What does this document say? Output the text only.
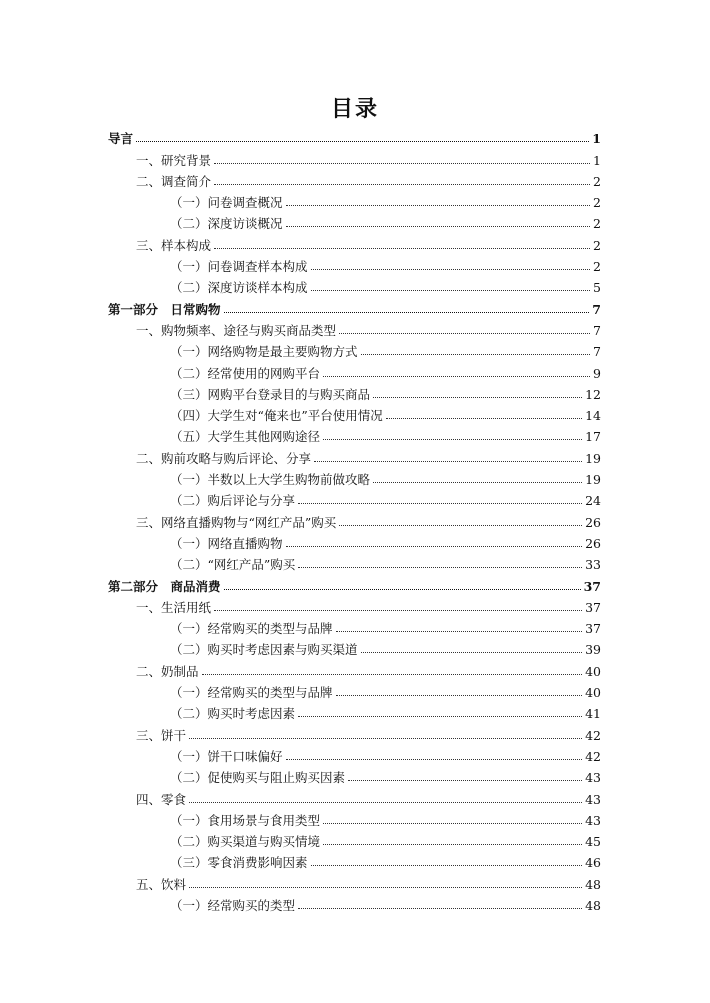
目录
导言	1
一、研究背景	1
二、调查简介	2
（一）问卷调查概况	2
（二）深度访谈概况	2
三、样本构成	2
（一）问卷调查样本构成	2
（二）深度访谈样本构成	5
第一部分　日常购物	7
一、购物频率、途径与购买商品类型	7
（一）网络购物是最主要购物方式	7
（二）经常使用的网购平台	9
（三）网购平台登录目的与购买商品	12
（四）大学生对“俺来也”平台使用情况	14
（五）大学生其他网购途径	17
二、购前攻略与购后评论、分享	19
（一）半数以上大学生购物前做攻略	19
（二）购后评论与分享	24
三、网络直播购物与“网红产品”购买	26
（一）网络直播购物	26
（二）“网红产品”购买	33
第二部分　商品消费	37
一、生活用纸	37
（一）经常购买的类型与品牌	37
（二）购买时考虑因素与购买渠道	39
二、奶制品	40
（一）经常购买的类型与品牌	40
（二）购买时考虑因素	41
三、饼干	42
（一）饼干口味偏好	42
（二）促使购买与阻止购买因素	43
四、零食	43
（一）食用场景与食用类型	43
（二）购买渠道与购买情境	45
（三）零食消费影响因素	46
五、饮料	48
（一）经常购买的类型	48
